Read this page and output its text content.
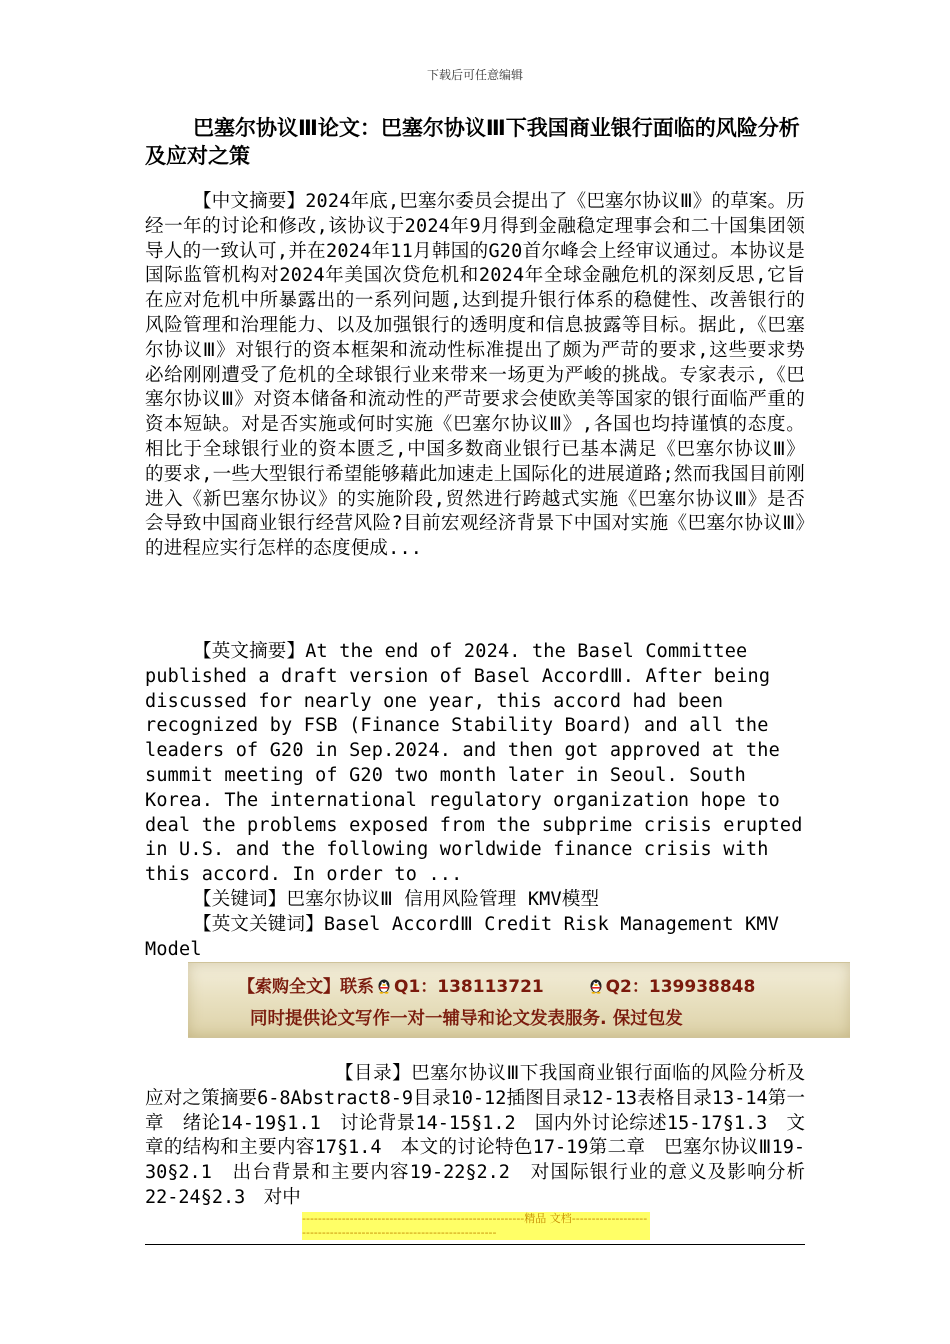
下载后可任意编辑
巴塞尔协议Ⅲ论文：巴塞尔协议Ⅲ下我国商业银行面临的风险分析及应对之策
【中文摘要】2024年底,巴塞尔委员会提出了《巴塞尔协议Ⅲ》的草案。历经一年的讨论和修改,该协议于2024年9月得到金融稳定理事会和二十国集团领导人的一致认可,并在2024年11月韩国的G20首尔峰会上经审议通过。本协议是国际监管机构对2024年美国次贷危机和2024年全球金融危机的深刻反思,它旨在应对危机中所暴露出的一系列问题,达到提升银行体系的稳健性、改善银行的风险管理和治理能力、以及加强银行的透明度和信息披露等目标。据此,《巴塞尔协议Ⅲ》对银行的资本框架和流动性标准提出了颇为严苛的要求,这些要求势必给刚刚遭受了危机的全球银行业来带来一场更为严峻的挑战。专家表示,《巴塞尔协议Ⅲ》对资本储备和流动性的严苛要求会使欧美等国家的银行面临严重的资本短缺。对是否实施或何时实施《巴塞尔协议Ⅲ》,各国也均持谨慎的态度。相比于全球银行业的资本匮乏,中国多数商业银行已基本满足《巴塞尔协议Ⅲ》的要求,一些大型银行希望能够藉此加速走上国际化的进展道路;然而我国目前刚进入《新巴塞尔协议》的实施阶段,贸然进行跨越式实施《巴塞尔协议Ⅲ》是否会导致中国商业银行经营风险?目前宏观经济背景下中国对实施《巴塞尔协议Ⅲ》的进程应实行怎样的态度便成...
【英文摘要】At the end of 2024. the Basel Committee published a draft version of Basel AccordⅢ. After being discussed for nearly one year, this accord had been recognized by FSB (Finance Stability Board) and all the leaders of G20 in Sep.2024. and then got approved at the summit meeting of G20 two month later in Seoul. South Korea. The international regulatory organization hope to deal the problems exposed from the subprime crisis erupted in U.S. and the following worldwide finance crisis with this accord. In order to ...
【关键词】巴塞尔协议Ⅲ 信用风险管理 KMV模型
【英文关键词】Basel AccordⅢ Credit Risk Management KMV Model
【索购全文】联系 Q1：138113721	Q2：139938848
同时提供论文写作一对一辅导和论文发表服务. 保过包发
【目录】巴塞尔协议Ⅲ下我国商业银行面临的风险分析及应对之策摘要6-8Abstract8-9目录10-12插图目录12-13表格目录13-14第一章　绪论14-19§1.1　讨论背景14-15§1.2　国内外讨论综述15-17§1.3　文章的结构和主要内容17§1.4　本文的讨论特色17-19第二章　巴塞尔协议Ⅲ19-30§2.1　出台背景和主要内容19-22§2.2　对国际银行业的意义及影响分析22-24§2.3　对中
--------------------------------------------------------精品 文档--------------------------------------------------------------------
